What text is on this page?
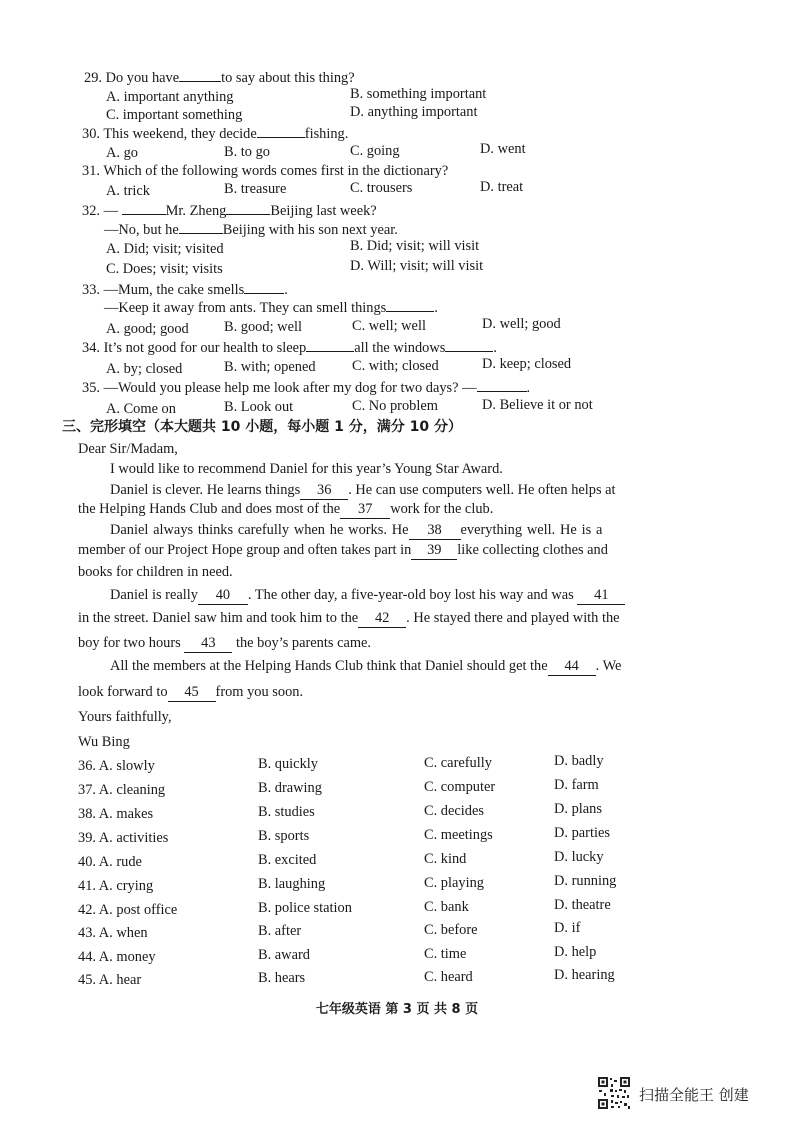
29. Do you have	to say about this thing?
A. important anything	B. something important
C. important something	D. anything important
30. This weekend, they decide	fishing.
A. go	B. to go	C. going	D. went
31. Which of the following words comes first in the dictionary?
A. trick	B. treasure	C. trousers	D. treat
32. —	Mr. Zheng	Beijing last week?
—No, but he	Beijing with his son next year.
A. Did; visit; visited	B. Did; visit; will visit
C. Does; visit; visits	D. Will; visit; will visit
33. —Mum, the cake smells	.
—Keep it away from ants. They can smell things	.
A. good; good B. good; well	C. well; well	D. well; good
34. It’s not good for our health to sleep	all the windows	.
A. by; closed	B. with; opened	C. with; closed	D. keep; closed
35. —Would you please help me look after my dog for two days? —	.
A. Come on	B. Look out	C. No problem	D. Believe it or not
三、完形填空（本大题共 10 小题，每小题 1 分，满分 10 分）
Dear Sir/Madam,
I would like to recommend Daniel for this year’s Young Star Award.
Daniel is clever. He learns things 36 . He can use computers well. He often helps at
the Helping Hands Club and does most of the 37 work for the club.
Daniel always thinks carefully when he works. He 38 everything well. He is a
member of our Project Hope group and often takes part in 39 like collecting clothes and
books for children in need.
Daniel is really 40 . The other day, a five-year-old boy lost his way and was 41
in the street. Daniel saw him and took him to the 42 . He stayed there and played with the
boy for two hours 43 the boy’s parents came.
All the members at the Helping Hands Club think that Daniel should get the 44 . We
look forward to 45 from you soon.
Yours faithfully,
Wu Bing
36. A. slowly	B. quickly	C. carefully	D. badly
37. A. cleaning	B. drawing	C. computer	D. farm
38. A. makes	B. studies	C. decides	D. plans
39. A. activities	B. sports	C. meetings	D. parties
40. A. rude	B. excited	C. kind	D. lucky
41. A. crying	B. laughing	C. playing	D. running
42. A. post office	B. police station	C. bank	D. theatre
43. A. when	B. after	C. before	D. if
44. A. money	B. award	C. time	D. help
45. A. hear	B. hears	C. heard	D. hearing
七年级英语 第 3 页 共 8 页
扫描全能王 创建
